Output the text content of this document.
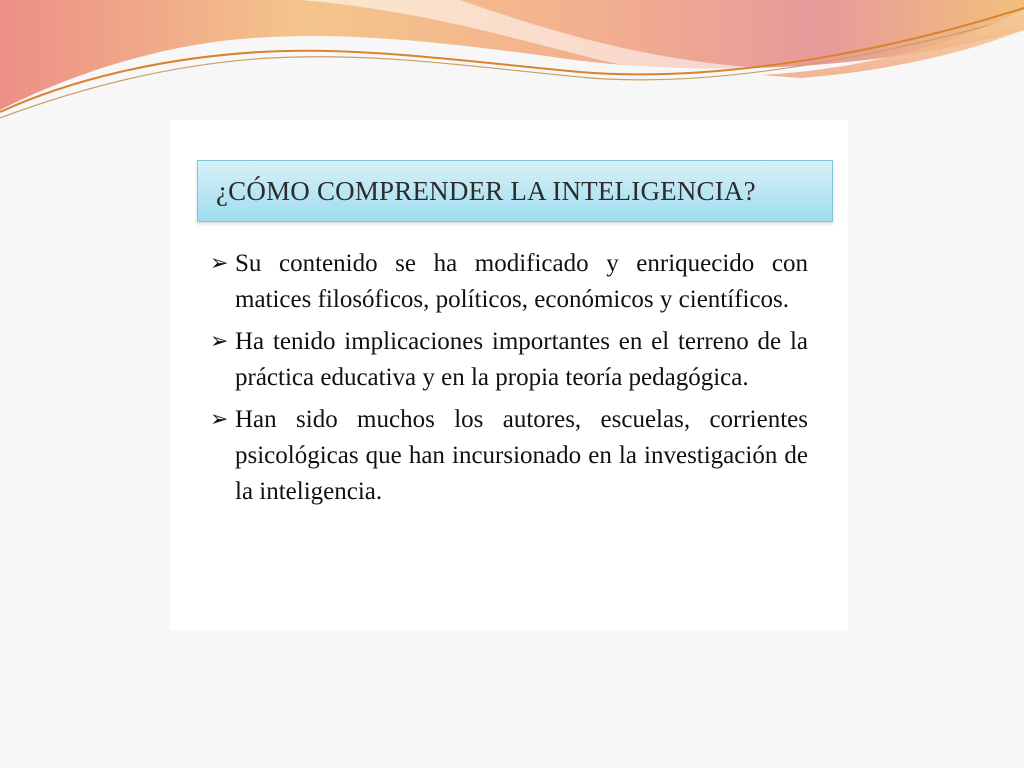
¿CÓMO COMPRENDER LA INTELIGENCIA?
➢ Su contenido se ha modificado y enriquecido con matices filosóficos, políticos, económicos y científicos.
➢ Ha tenido implicaciones importantes en el terreno de la práctica educativa y en la propia teoría pedagógica.
➢ Han sido muchos los autores, escuelas, corrientes psicológicas que han incursionado en la investigación de la inteligencia.
